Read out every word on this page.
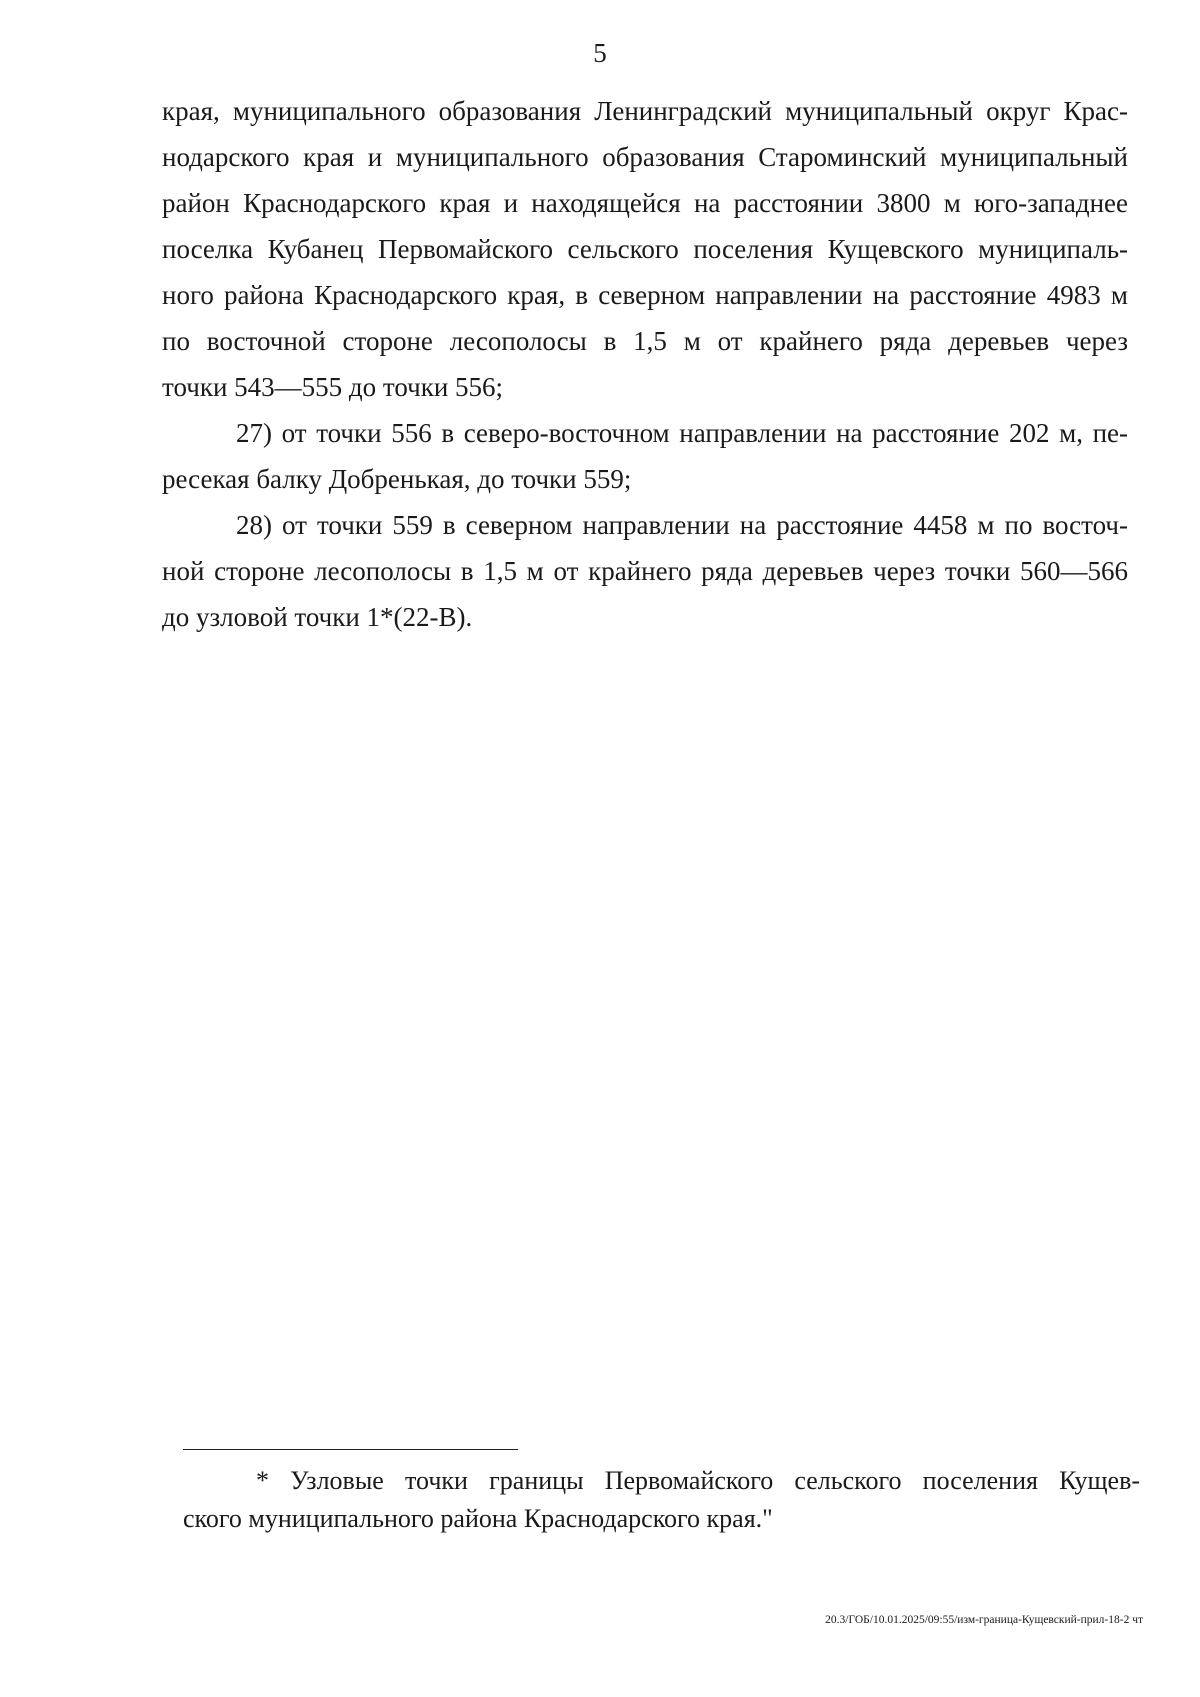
5
края, муниципального образования Ленинградский муниципальный округ Крас-
нодарского края и муниципального образования Староминский муниципальный
район Краснодарского края и находящейся на расстоянии 3800 м юго-западнее
поселка Кубанец Первомайского сельского поселения Кущевского муниципаль-
ного района Краснодарского края, в северном направлении на расстояние 4983 м
по восточной стороне лесополосы в 1,5 м от крайнего ряда деревьев через
точки 543—555 до точки 556;
27) от точки 556 в северо-восточном направлении на расстояние 202 м, пе-
ресекая балку Добренькая, до точки 559;
28) от точки 559 в северном направлении на расстояние 4458 м по восточ-
ной стороне лесополосы в 1,5 м от крайнего ряда деревьев через точки 560—566
до узловой точки 1*(22-В).
* Узловые точки границы Первомайского сельского поселения Кущев-
ского муниципального района Краснодарского края."
20.3/ГОБ/10.01.2025/09:55/изм-граница-Кущевский-прил-18-2 чт
